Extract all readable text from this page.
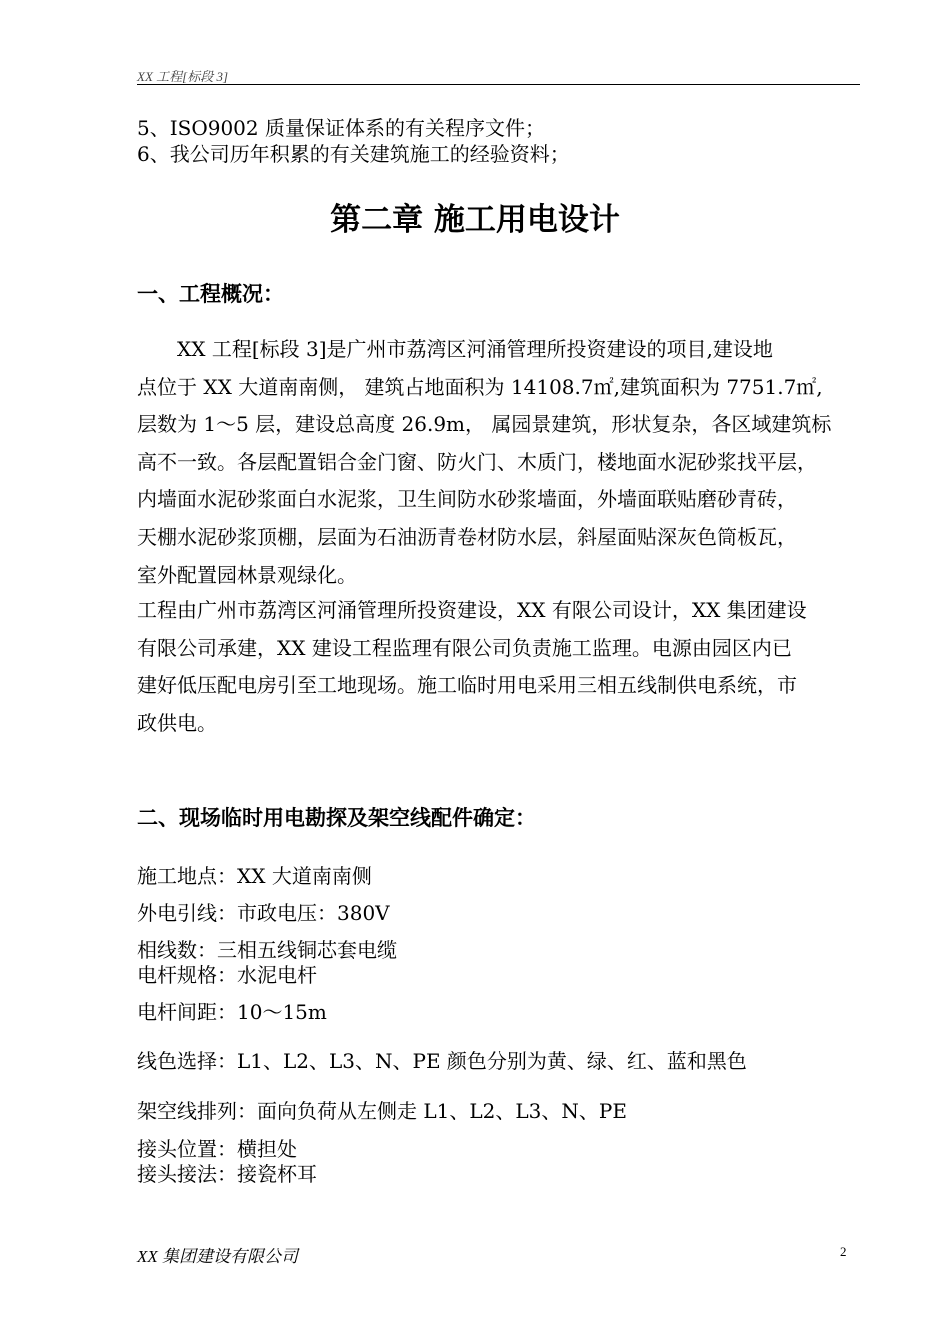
XX 工程[标段 3]
5、ISO9002 质量保证体系的有关程序文件；
6、我公司历年积累的有关建筑施工的经验资料；
第二章 施工用电设计
一、工程概况：
　　XX 工程[标段 3]是广州市荔湾区河涌管理所投资建设的项目,建设地
点位于 XX 大道南南侧， 建筑占地面积为 14108.7㎡,建筑面积为 7751.7㎡,
层数为 1～5 层，建设总高度 26.9m， 属园景建筑，形状复杂，各区域建筑标
高不一致。各层配置铝合金门窗、防火门、木质门，楼地面水泥砂浆找平层，
内墙面水泥砂浆面白水泥浆，卫生间防水砂浆墙面，外墙面联贴磨砂青砖，
天棚水泥砂浆顶棚，层面为石油沥青卷材防水层，斜屋面贴深灰色筒板瓦，
室外配置园林景观绿化。
工程由广州市荔湾区河涌管理所投资建设，XX 有限公司设计，XX 集团建设
有限公司承建，XX 建设工程监理有限公司负责施工监理。电源由园区内已
建好低压配电房引至工地现场。施工临时用电采用三相五线制供电系统，市
政供电。
二、现场临时用电勘探及架空线配件确定：
施工地点：XX 大道南南侧
外电引线：市政电压：380V
相线数：三相五线铜芯套电缆
电杆规格：水泥电杆
电杆间距：10～15m
线色选择：L1、L2、L3、N、PE 颜色分别为黄、绿、红、蓝和黑色
架空线排列：面向负荷从左侧走 L1、L2、L3、N、PE
接头位置：横担处
接头接法：接瓷杯耳
XX 集团建设有限公司	2
